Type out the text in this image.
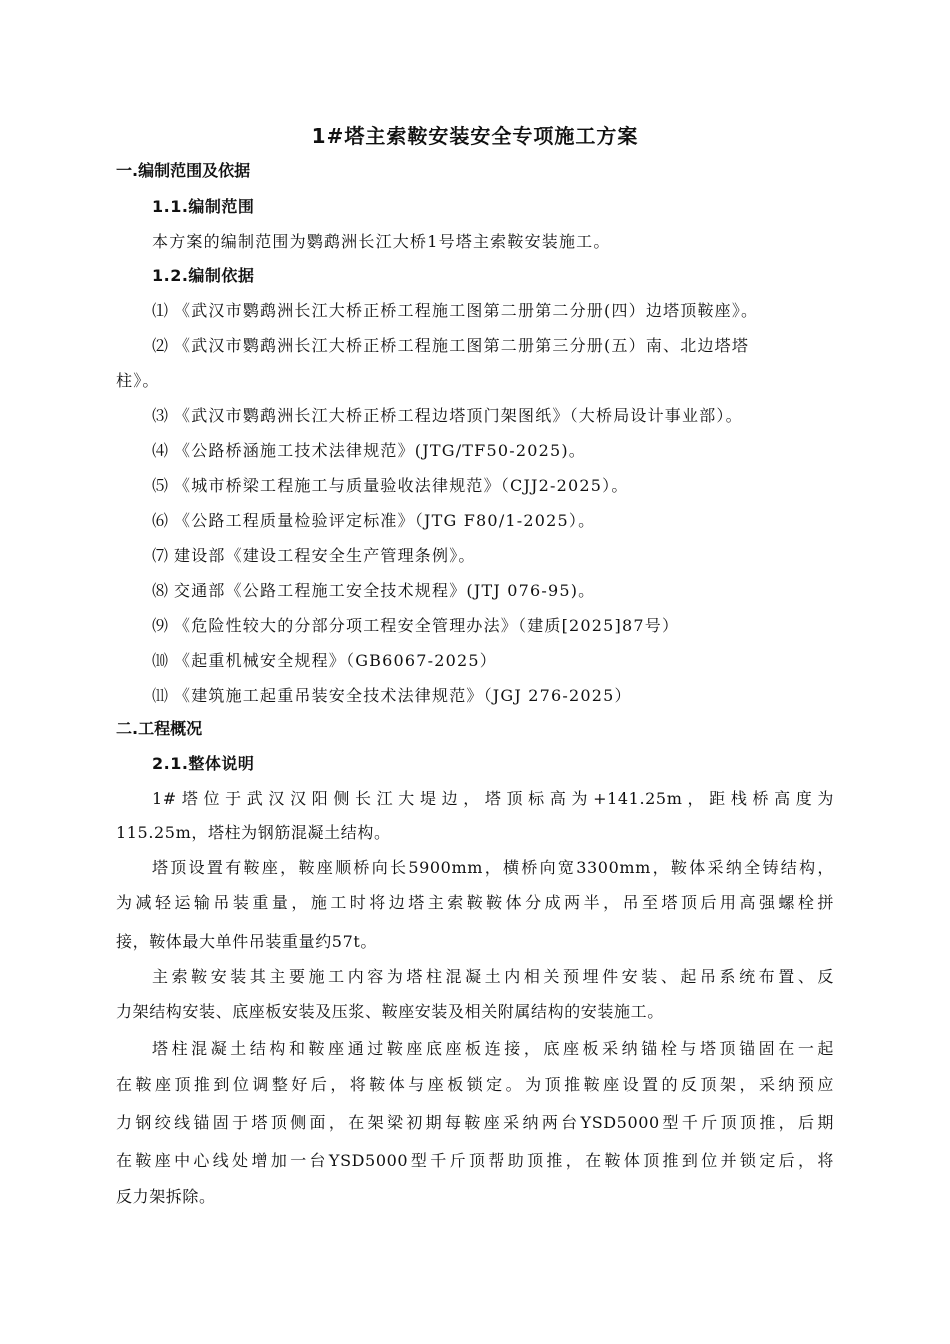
1#塔主索鞍安装安全专项施工方案
一.编制范围及依据
1.1.编制范围
本方案的编制范围为鹦鹉洲长江大桥1号塔主索鞍安装施工。
1.2.编制依据
⑴ 《武汉市鹦鹉洲长江大桥正桥工程施工图第二册第二分册(四）边塔顶鞍座》。
⑵ 《武汉市鹦鹉洲长江大桥正桥工程施工图第二册第三分册(五）南、北边塔塔
柱》。
⑶ 《武汉市鹦鹉洲长江大桥正桥工程边塔顶门架图纸》（大桥局设计事业部）。
⑷ 《公路桥涵施工技术法律规范》(JTG/TF50-2025)。
⑸ 《城市桥梁工程施工与质量验收法律规范》（CJJ2-2025）。
⑹ 《公路工程质量检验评定标准》（JTG F80/1-2025）。
⑺ 建设部《建设工程安全生产管理条例》。
⑻ 交通部《公路工程施工安全技术规程》(JTJ 076-95)。
⑼ 《危险性较大的分部分项工程安全管理办法》（建质[2025]87号）
⑽ 《起重机械安全规程》（GB6067-2025）
⑾ 《建筑施工起重吊装安全技术法律规范》（JGJ 276-2025）
二.工程概况
2.1.整体说明
1#塔位于武汉汉阳侧长江大堤边，塔顶标高为+141.25m，距栈桥高度为
115.25m，塔柱为钢筋混凝土结构。
塔顶设置有鞍座，鞍座顺桥向长5900mm，横桥向宽3300mm，鞍体采纳全铸结构，
为减轻运输吊装重量，施工时将边塔主索鞍鞍体分成两半，吊至塔顶后用高强螺栓拼
接，鞍体最大单件吊装重量约57t。
主索鞍安装其主要施工内容为塔柱混凝土内相关预埋件安装、起吊系统布置、反
力架结构安装、底座板安装及压浆、鞍座安装及相关附属结构的安装施工。
塔柱混凝土结构和鞍座通过鞍座底座板连接，底座板采纳锚栓与塔顶锚固在一起
在鞍座顶推到位调整好后，将鞍体与座板锁定。为顶推鞍座设置的反顶架，采纳预应
力钢绞线锚固于塔顶侧面，在架梁初期每鞍座采纳两台YSD5000型千斤顶顶推，后期
在鞍座中心线处增加一台YSD5000型千斤顶帮助顶推，在鞍体顶推到位并锁定后，将
反力架拆除。
